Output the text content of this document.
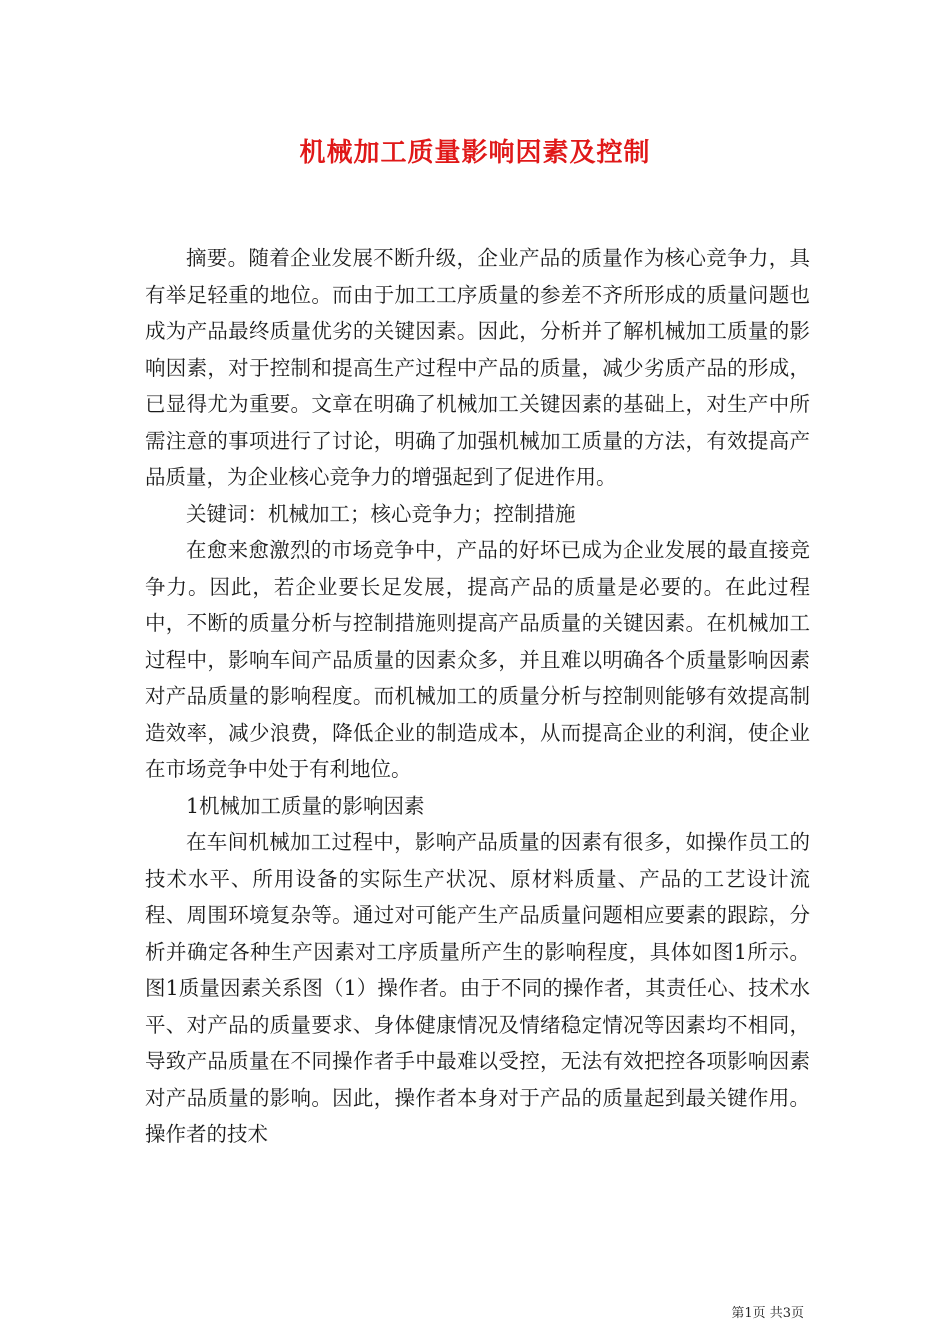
机械加工质量影响因素及控制

摘要。随着企业发展不断升级，企业产品的质量作为核心竞争力，具有举足轻重的地位。而由于加工工序质量的参差不齐所形成的质量问题也成为产品最终质量优劣的关键因素。因此，分析并了解机械加工质量的影响因素，对于控制和提高生产过程中产品的质量，减少劣质产品的形成，已显得尤为重要。文章在明确了机械加工关键因素的基础上，对生产中所需注意的事项进行了讨论，明确了加强机械加工质量的方法，有效提高产品质量，为企业核心竞争力的增强起到了促进作用。

关键词：机械加工；核心竞争力；控制措施

在愈来愈激烈的市场竞争中，产品的好坏已成为企业发展的最直接竞争力。因此，若企业要长足发展，提高产品的质量是必要的。在此过程中，不断的质量分析与控制措施则提高产品质量的关键因素。在机械加工过程中，影响车间产品质量的因素众多，并且难以明确各个质量影响因素对产品质量的影响程度。而机械加工的质量分析与控制则能够有效提高制造效率，减少浪费，降低企业的制造成本，从而提高企业的利润，使企业在市场竞争中处于有利地位。

1机械加工质量的影响因素

在车间机械加工过程中，影响产品质量的因素有很多，如操作员工的技术水平、所用设备的实际生产状况、原材料质量、产品的工艺设计流程、周围环境复杂等。通过对可能产生产品质量问题相应要素的跟踪，分析并确定各种生产因素对工序质量所产生的影响程度，具体如图1所示。图1质量因素关系图（1）操作者。由于不同的操作者，其责任心、技术水平、对产品的质量要求、身体健康情况及情绪稳定情况等因素均不相同，导致产品质量在不同操作者手中最难以受控，无法有效把控各项影响因素对产品质量的影响。因此，操作者本身对于产品的质量起到最关键作用。操作者的技术

第1页 共3页
